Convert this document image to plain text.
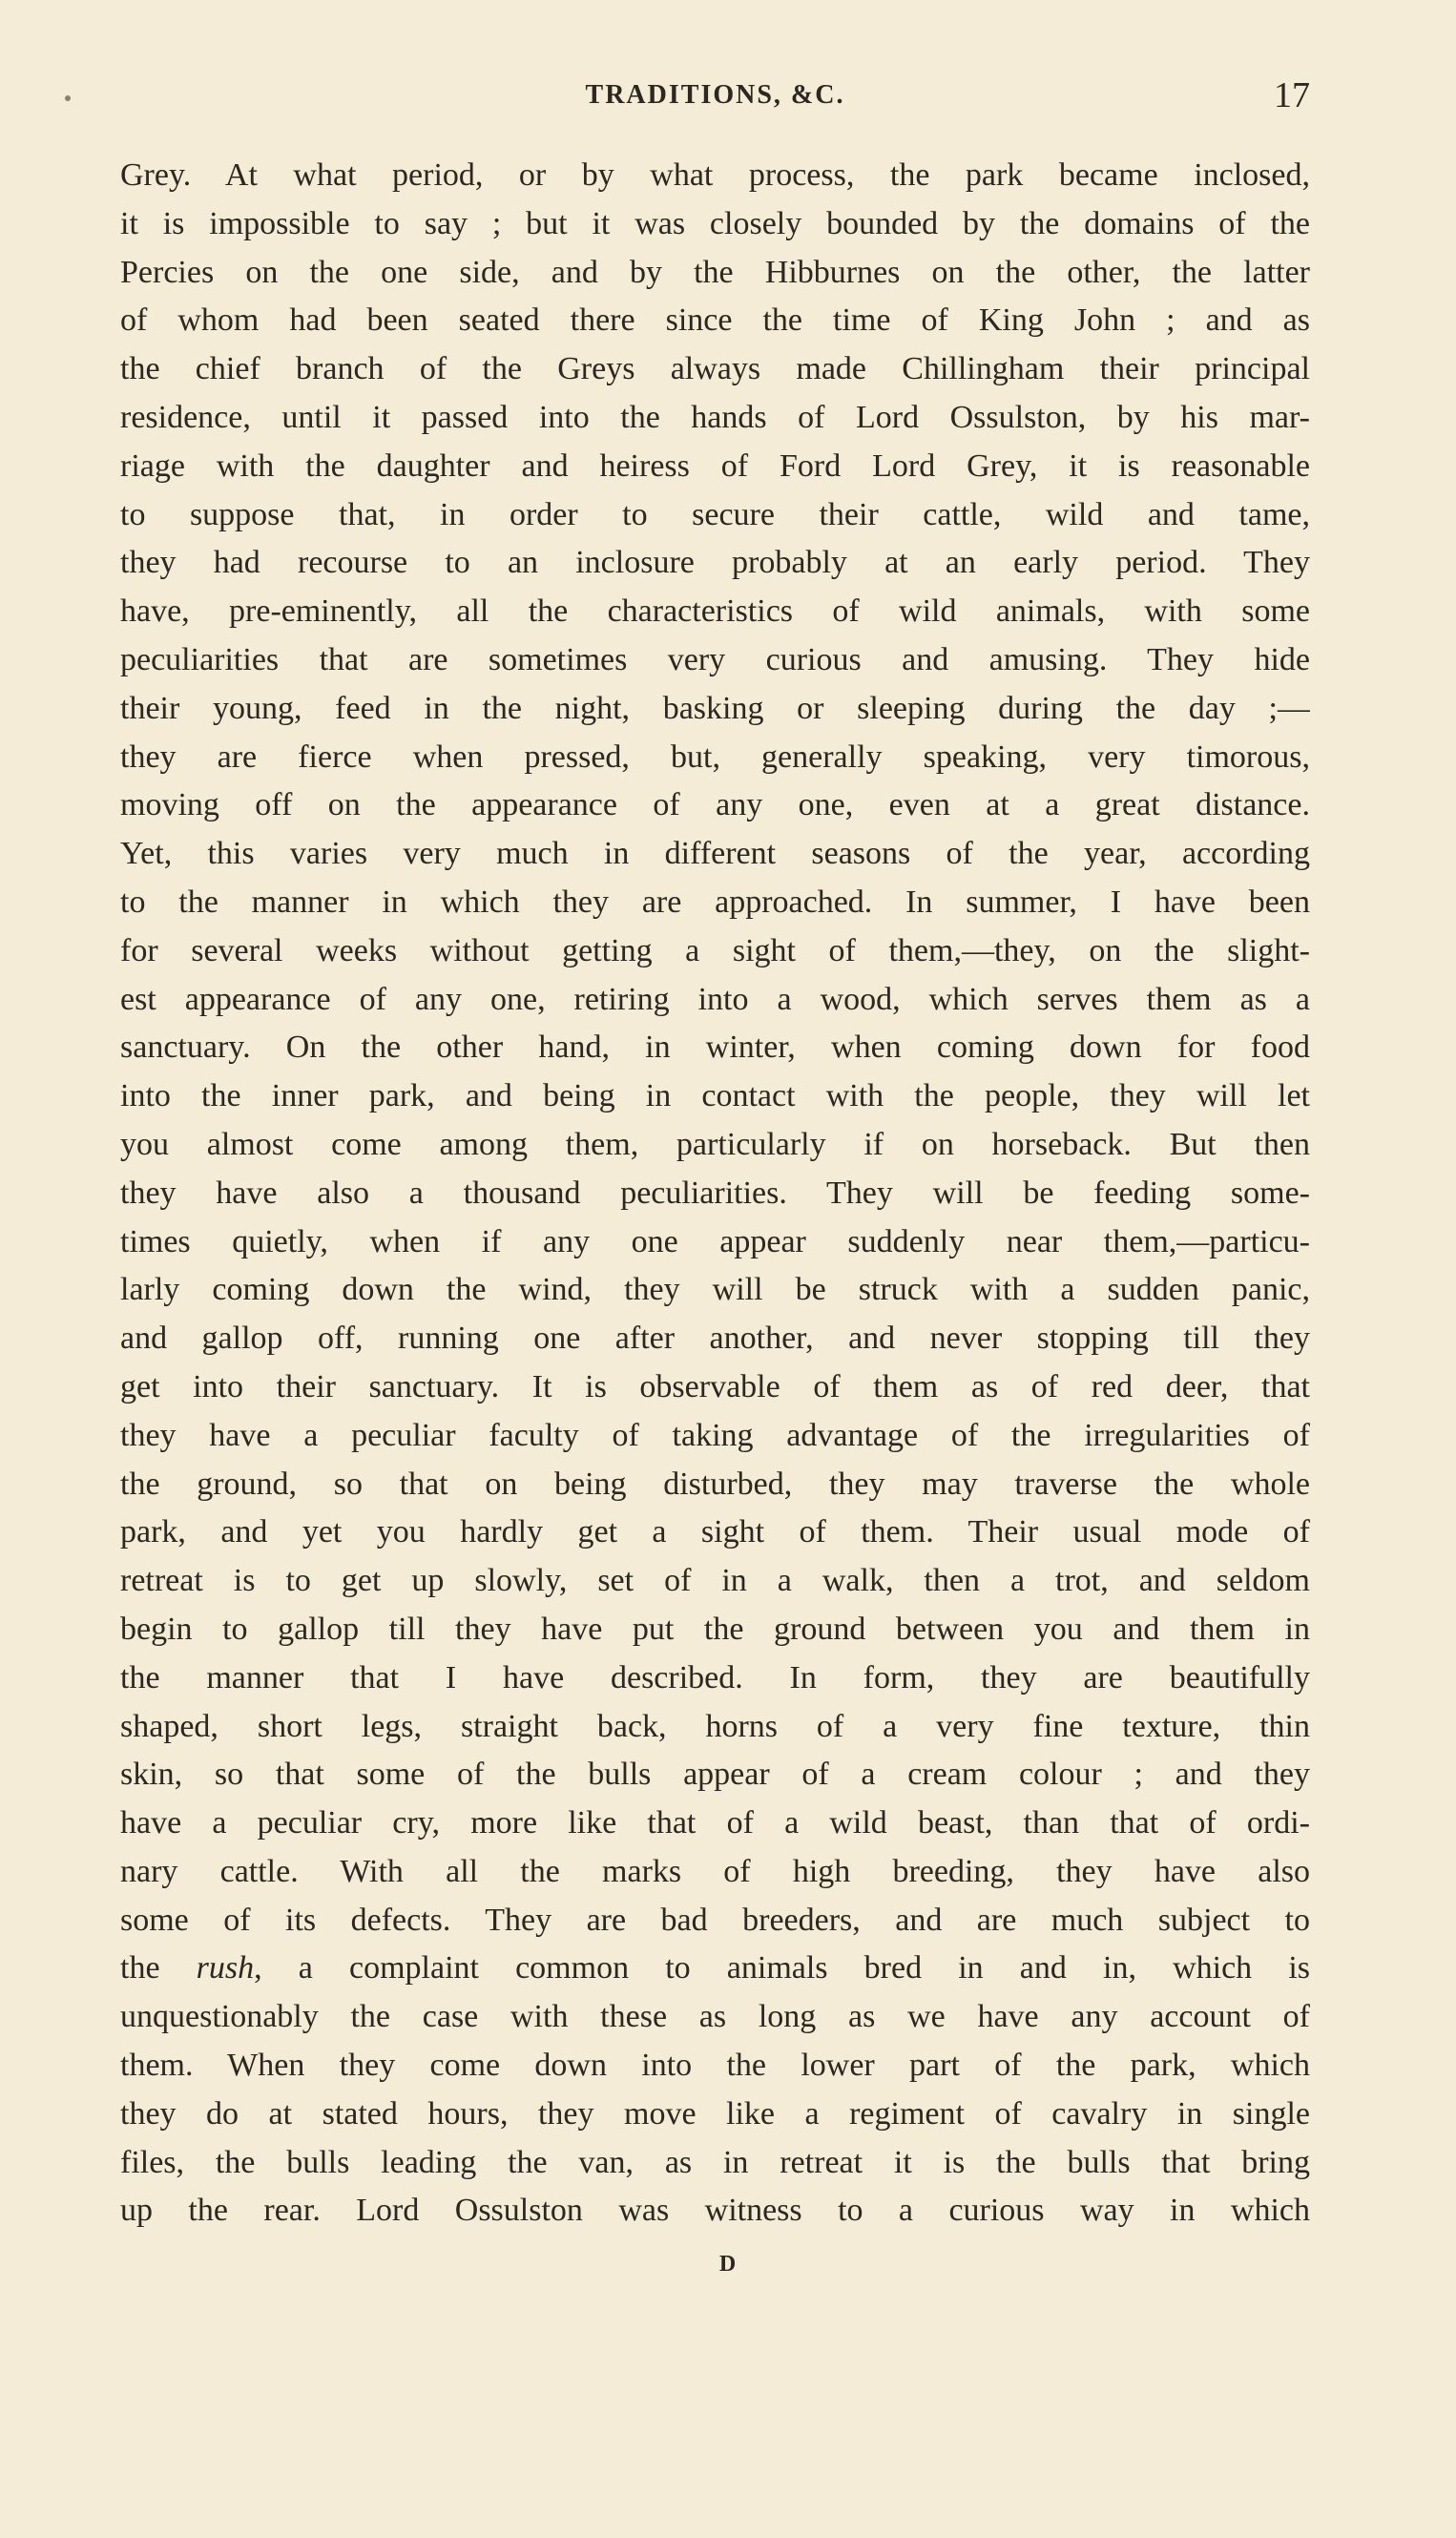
TRADITIONS, &C.	17
Grey. At what period, or by what process, the park became inclosed,
it is impossible to say ; but it was closely bounded by the domains of the
Percies on the one side, and by the Hibburnes on the other, the latter
of whom had been seated there since the time of King John ; and as
the chief branch of the Greys always made Chillingham their principal
residence, until it passed into the hands of Lord Ossulston, by his mar-
riage with the daughter and heiress of Ford Lord Grey, it is reasonable
to suppose that, in order to secure their cattle, wild and tame,
they had recourse to an inclosure probably at an early period. They
have, pre-eminently, all the characteristics of wild animals, with some
peculiarities that are sometimes very curious and amusing. They hide
their young, feed in the night, basking or sleeping during the day ;—
they are fierce when pressed, but, generally speaking, very timorous,
moving off on the appearance of any one, even at a great distance.
Yet, this varies very much in different seasons of the year, according
to the manner in which they are approached. In summer, I have been
for several weeks without getting a sight of them,—they, on the slight-
est appearance of any one, retiring into a wood, which serves them as a
sanctuary. On the other hand, in winter, when coming down for food
into the inner park, and being in contact with the people, they will let
you almost come among them, particularly if on horseback. But then
they have also a thousand peculiarities. They will be feeding some-
times quietly, when if any one appear suddenly near them,—particu-
larly coming down the wind, they will be struck with a sudden panic,
and gallop off, running one after another, and never stopping till they
get into their sanctuary. It is observable of them as of red deer, that
they have a peculiar faculty of taking advantage of the irregularities of
the ground, so that on being disturbed, they may traverse the whole
park, and yet you hardly get a sight of them. Their usual mode of
retreat is to get up slowly, set of in a walk, then a trot, and seldom
begin to gallop till they have put the ground between you and them in
the manner that I have described. In form, they are beautifully
shaped, short legs, straight back, horns of a very fine texture, thin
skin, so that some of the bulls appear of a cream colour ; and they
have a peculiar cry, more like that of a wild beast, than that of ordi-
nary cattle. With all the marks of high breeding, they have also
some of its defects. They are bad breeders, and are much subject to
the rush, a complaint common to animals bred in and in, which is
unquestionably the case with these as long as we have any account of
them. When they come down into the lower part of the park, which
they do at stated hours, they move like a regiment of cavalry in single
files, the bulls leading the van, as in retreat it is the bulls that bring
up the rear. Lord Ossulston was witness to a curious way in which
D
